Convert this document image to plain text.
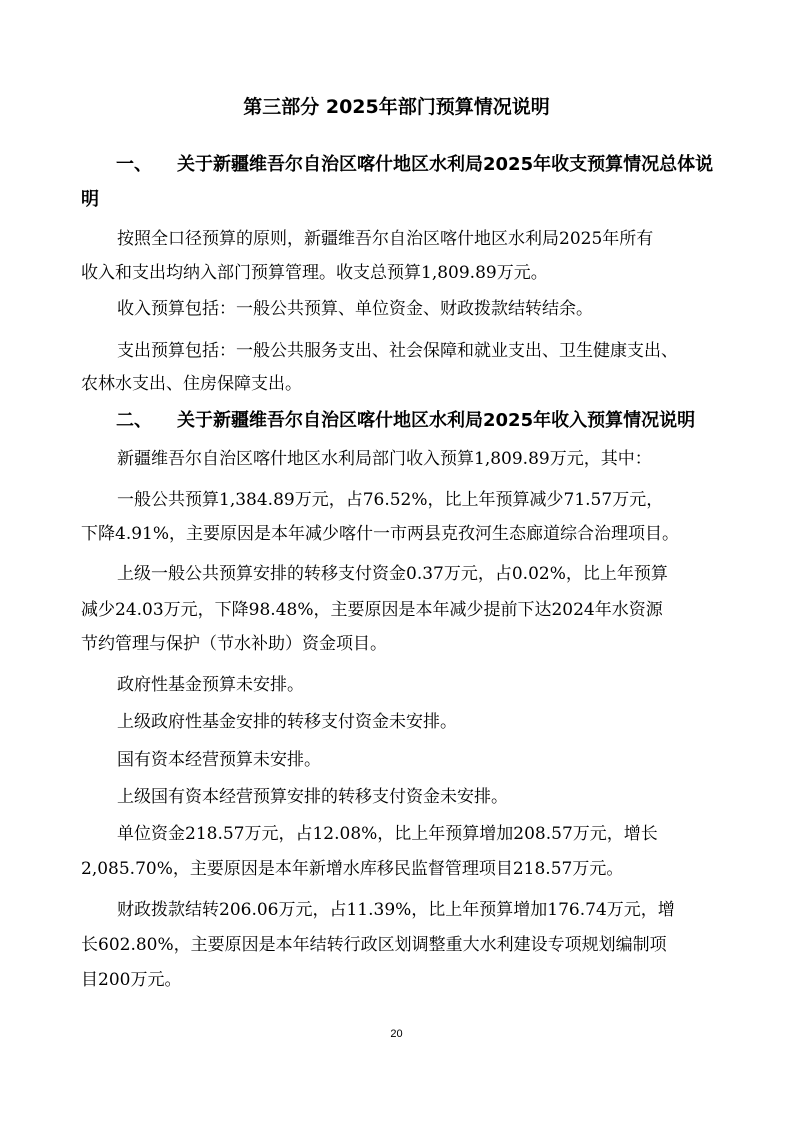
第三部分 2025年部门预算情况说明
一、 关于新疆维吾尔自治区喀什地区水利局2025年收支预算情况总体说
明
按照全口径预算的原则，新疆维吾尔自治区喀什地区水利局2025年所有
收入和支出均纳入部门预算管理。收支总预算1,809.89万元。
收入预算包括：一般公共预算、单位资金、财政拨款结转结余。
支出预算包括：一般公共服务支出、社会保障和就业支出、卫生健康支出、
农林水支出、住房保障支出。
二、 关于新疆维吾尔自治区喀什地区水利局2025年收入预算情况说明
新疆维吾尔自治区喀什地区水利局部门收入预算1,809.89万元，其中：
一般公共预算1,384.89万元，占76.52%，比上年预算减少71.57万元，
下降4.91%，主要原因是本年减少喀什一市两县克孜河生态廊道综合治理项目。
上级一般公共预算安排的转移支付资金0.37万元，占0.02%，比上年预算
减少24.03万元，下降98.48%，主要原因是本年减少提前下达2024年水资源
节约管理与保护（节水补助）资金项目。
政府性基金预算未安排。
上级政府性基金安排的转移支付资金未安排。
国有资本经营预算未安排。
上级国有资本经营预算安排的转移支付资金未安排。
单位资金218.57万元，占12.08%，比上年预算增加208.57万元，增长
2,085.70%，主要原因是本年新增水库移民监督管理项目218.57万元。
财政拨款结转206.06万元，占11.39%，比上年预算增加176.74万元，增
长602.80%，主要原因是本年结转行政区划调整重大水利建设专项规划编制项
目200万元。
20
